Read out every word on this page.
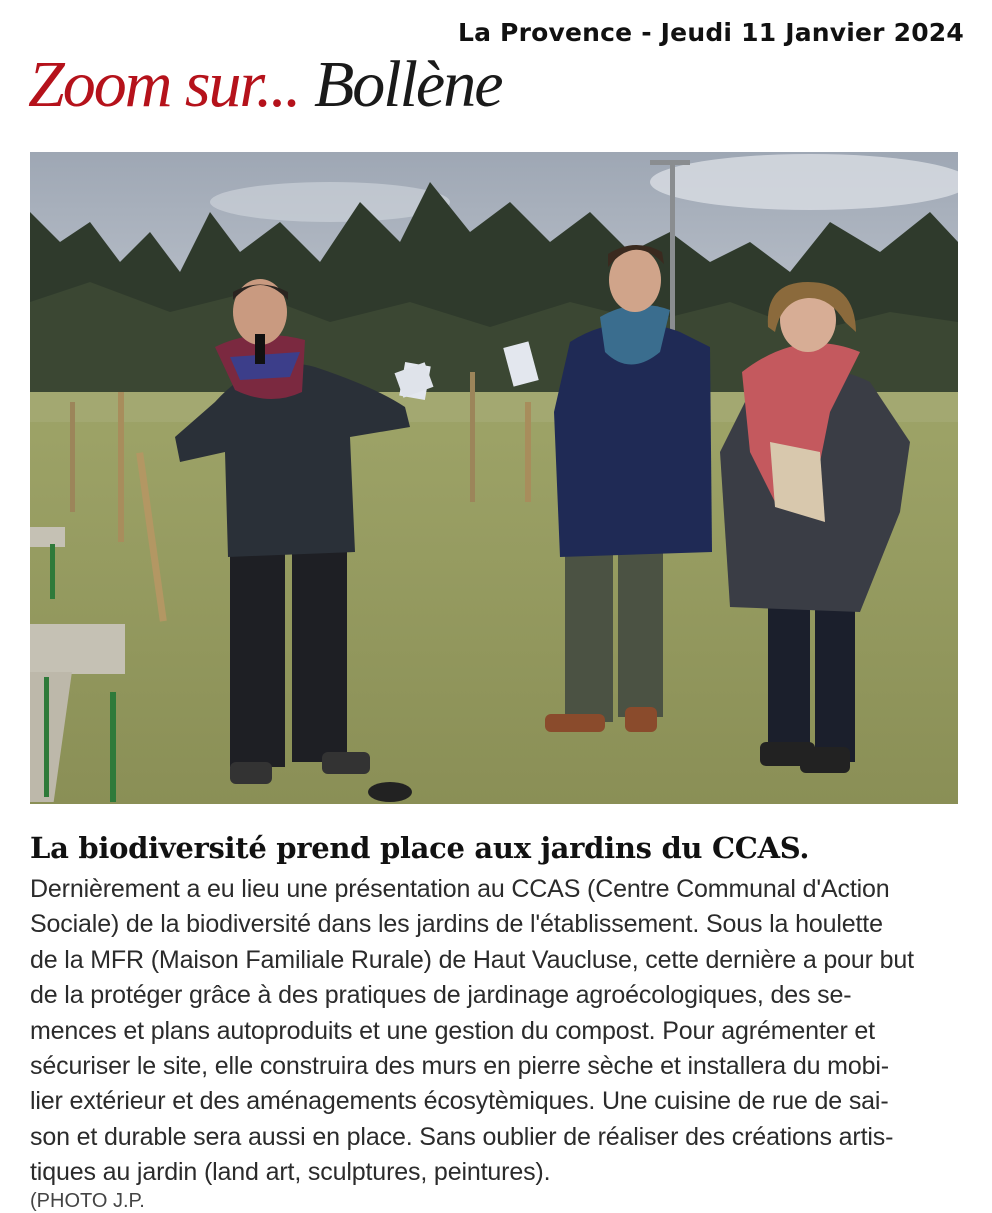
La Provence - Jeudi 11 Janvier 2024
Zoom sur... Bollène
La biodiversité prend place aux jardins du CCAS.
Dernièrement a eu lieu une présentation au CCAS (Centre Communal d'Action
Sociale) de la biodiversité dans les jardins de l'établissement. Sous la houlette
de la MFR (Maison Familiale Rurale) de Haut Vaucluse, cette dernière a pour but
de la protéger grâce à des pratiques de jardinage agroécologiques, des se-
mences et plans autoproduits et une gestion du compost. Pour agrémenter et
sécuriser le site, elle construira des murs en pierre sèche et installera du mobi-
lier extérieur et des aménagements écosytèmiques. Une cuisine de rue de sai-
son et durable sera aussi en place. Sans oublier de réaliser des créations artis-
tiques au jardin (land art, sculptures, peintures).
(PHOTO J.P.
